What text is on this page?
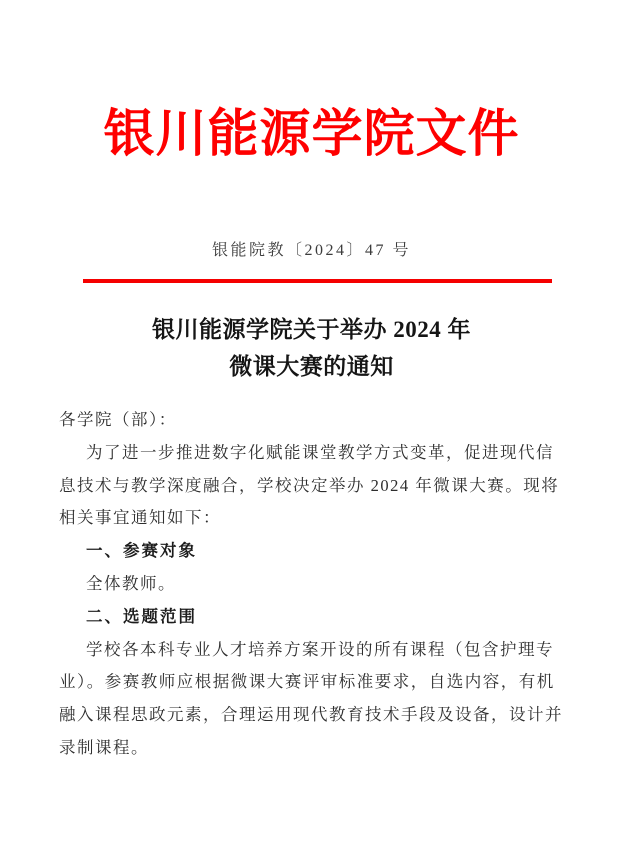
银川能源学院文件
银能院教〔2024〕47 号
银川能源学院关于举办 2024 年
微课大赛的通知
各学院（部）：
为了进一步推进数字化赋能课堂教学方式变革，促进现代信
息技术与教学深度融合，学校决定举办 2024 年微课大赛。现将
相关事宜通知如下：
一、参赛对象
全体教师。
二、选题范围
学校各本科专业人才培养方案开设的所有课程（包含护理专
业）。参赛教师应根据微课大赛评审标准要求，自选内容，有机
融入课程思政元素，合理运用现代教育技术手段及设备，设计并
录制课程。
